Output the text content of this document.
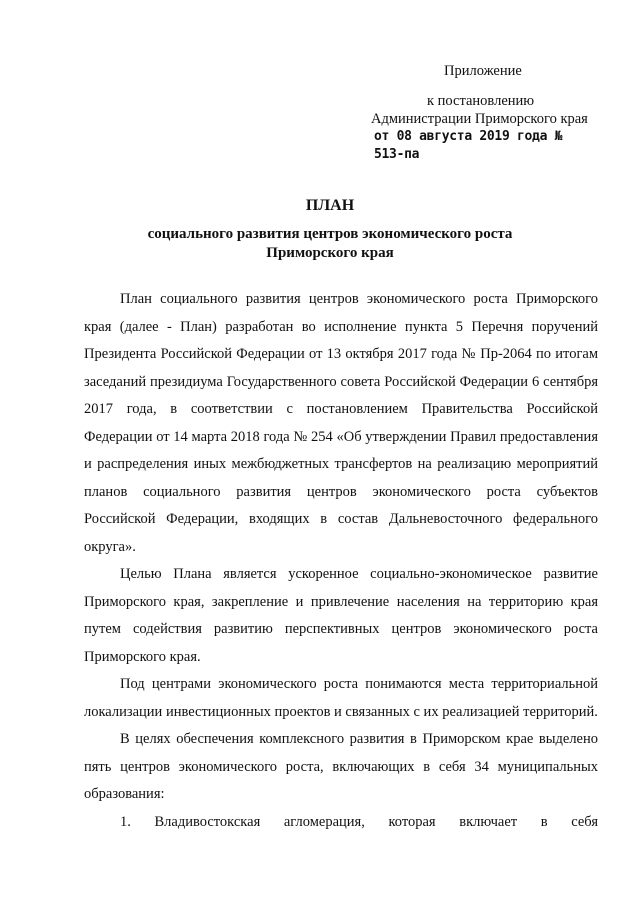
Приложение
к постановлению
Администрации Приморского края
от 08 августа 2019 года № 513-па
ПЛАН
социального развития центров экономического роста
Приморского края

План социального развития центров экономического роста Приморского края (далее - План) разработан во исполнение пункта 5 Перечня поручений Президента Российской Федерации от 13 октября 2017 года № Пр-2064 по итогам заседаний президиума Государственного совета Российской Федерации 6 сентября 2017 года, в соответствии с постановлением Правительства Российской Федерации от 14 марта 2018 года № 254 «Об утверждении Правил предоставления и распределения иных межбюджетных трансфертов на реализацию мероприятий планов социального развития центров экономического роста субъектов Российской Федерации, входящих в состав Дальневосточного федерального округа».

Целью Плана является ускоренное социально-экономическое развитие Приморского края, закрепление и привлечение населения на территорию края путем содействия развитию перспективных центров экономического роста Приморского края.

Под центрами экономического роста понимаются места территориальной локализации инвестиционных проектов и связанных с их реализацией территорий.

В целях обеспечения комплексного развития в Приморском крае выделено пять центров экономического роста, включающих в себя 34 муниципальных образования:

1. Владивостокская агломерация, которая включает в себя
